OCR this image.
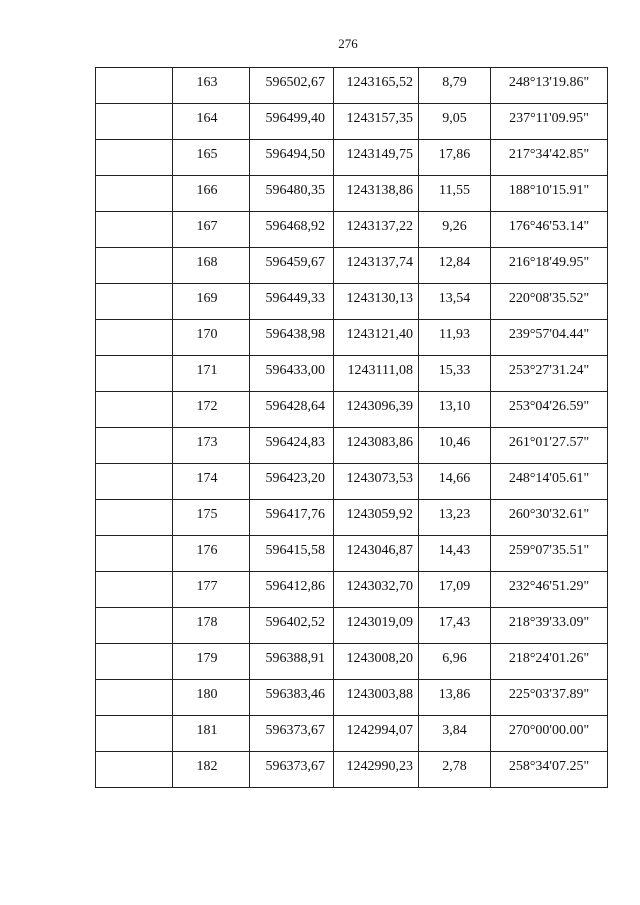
276
	163	596502,67	1243165,52	8,79	248°13'19.86"
	164	596499,40	1243157,35	9,05	237°11'09.95"
	165	596494,50	1243149,75	17,86	217°34'42.85"
	166	596480,35	1243138,86	11,55	188°10'15.91"
	167	596468,92	1243137,22	9,26	176°46'53.14"
	168	596459,67	1243137,74	12,84	216°18'49.95"
	169	596449,33	1243130,13	13,54	220°08'35.52"
	170	596438,98	1243121,40	11,93	239°57'04.44"
	171	596433,00	1243111,08	15,33	253°27'31.24"
	172	596428,64	1243096,39	13,10	253°04'26.59"
	173	596424,83	1243083,86	10,46	261°01'27.57"
	174	596423,20	1243073,53	14,66	248°14'05.61"
	175	596417,76	1243059,92	13,23	260°30'32.61"
	176	596415,58	1243046,87	14,43	259°07'35.51"
	177	596412,86	1243032,70	17,09	232°46'51.29"
	178	596402,52	1243019,09	17,43	218°39'33.09"
	179	596388,91	1243008,20	6,96	218°24'01.26"
	180	596383,46	1243003,88	13,86	225°03'37.89"
	181	596373,67	1242994,07	3,84	270°00'00.00"
	182	596373,67	1242990,23	2,78	258°34'07.25"
